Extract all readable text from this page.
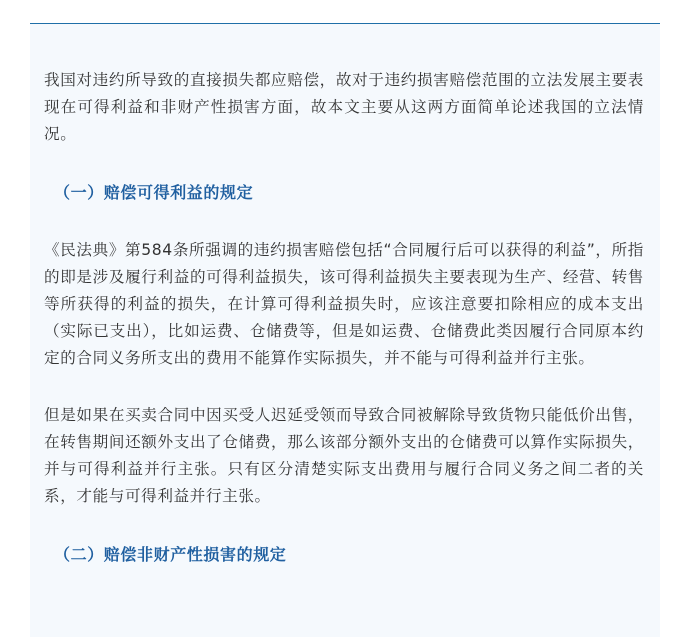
我国对违约所导致的直接损失都应赔偿，故对于违约损害赔偿范围的立法发展主要表现在可得利益和非财产性损害方面，故本文主要从这两方面简单论述我国的立法情况。

（一）赔偿可得利益的规定

《民法典》第584条所强调的违约损害赔偿包括“合同履行后可以获得的利益”，所指的即是涉及履行利益的可得利益损失，该可得利益损失主要表现为生产、经营、转售等所获得的利益的损失，在计算可得利益损失时，应该注意要扣除相应的成本支出（实际已支出），比如运费、仓储费等，但是如运费、仓储费此类因履行合同原本约定的合同义务所支出的费用不能算作实际损失，并不能与可得利益并行主张。

但是如果在买卖合同中因买受人迟延受领而导致合同被解除导致货物只能低价出售，在转售期间还额外支出了仓储费，那么该部分额外支出的仓储费可以算作实际损失，并与可得利益并行主张。只有区分清楚实际支出费用与履行合同义务之间二者的关系，才能与可得利益并行主张。

（二）赔偿非财产性损害的规定
